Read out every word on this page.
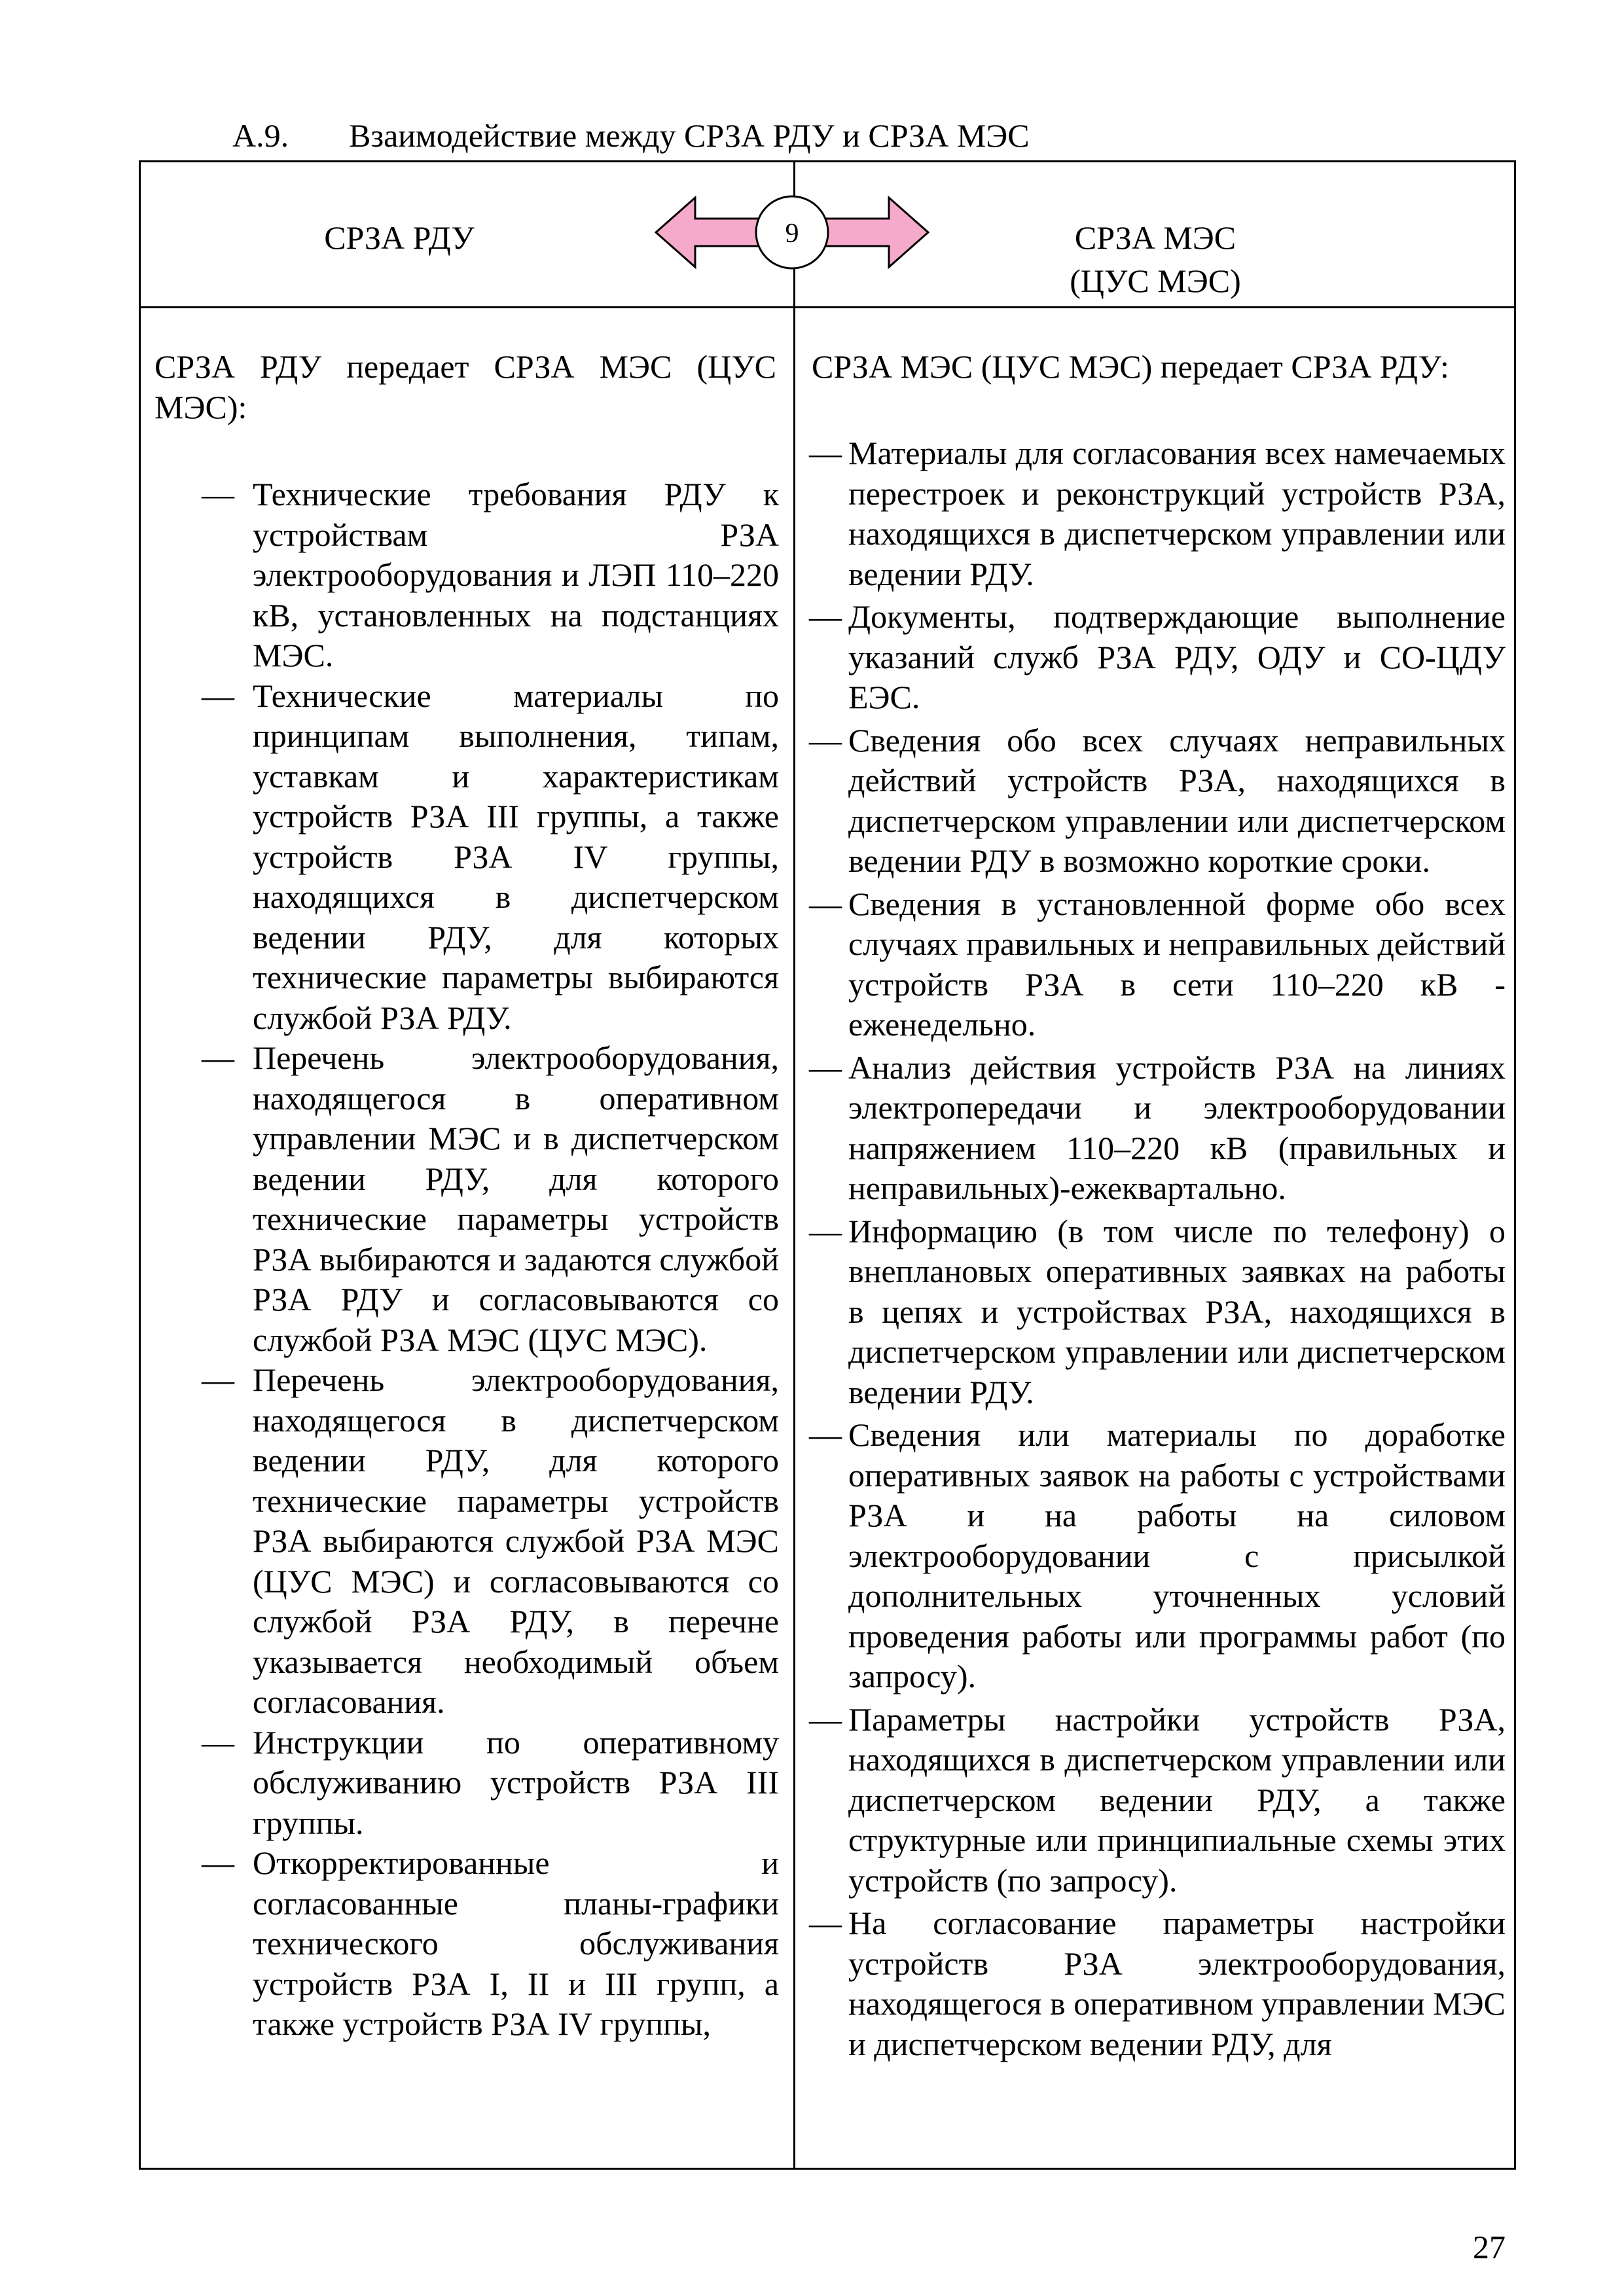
А.9. Взаимодействие между СРЗА РДУ и СРЗА МЭС
СРЗА РДУ	СРЗА МЭС
(ЦУС МЭС)
9
СРЗА РДУ передает СРЗА МЭС (ЦУС МЭС):
СРЗА МЭС (ЦУС МЭС) передает СРЗА РДУ:
— Технические требования РДУ к устройствам РЗА электрооборудования и ЛЭП 110–220 кВ, установленных на подстанциях МЭС.
— Технические материалы по принципам выполнения, типам, уставкам и характеристикам устройств РЗА III группы, а также устройств РЗА IV группы, находящихся в диспетчерском ведении РДУ, для которых технические параметры выбираются службой РЗА РДУ.
— Перечень электрооборудования, находящегося в оперативном управлении МЭС и в диспетчерском ведении РДУ, для которого технические параметры устройств РЗА выбираются и задаются службой РЗА РДУ и согласовываются со службой РЗА МЭС (ЦУС МЭС).
— Перечень электрооборудования, находящегося в диспетчерском ведении РДУ, для которого технические параметры устройств РЗА выбираются службой РЗА МЭС (ЦУС МЭС) и согласовываются со службой РЗА РДУ, в перечне указывается необходимый объем согласования.
— Инструкции по оперативному обслуживанию устройств РЗА III группы.
— Откорректированные и согласованные планы-графики технического обслуживания устройств РЗА I, II и III групп, а также устройств РЗА IV группы,
— Материалы для согласования всех намечаемых перестроек и реконструкций устройств РЗА, находящихся в диспетчерском управлении или ведении РДУ.
— Документы, подтверждающие выполнение указаний служб РЗА РДУ, ОДУ и СО-ЦДУ ЕЭС.
— Сведения обо всех случаях неправильных действий устройств РЗА, находящихся в диспетчерском управлении или диспетчерском ведении РДУ в возможно короткие сроки.
— Сведения в установленной форме обо всех случаях правильных и неправильных действий устройств РЗА в сети 110–220 кВ - еженедельно.
— Анализ действия устройств РЗА на линиях электропередачи и электрооборудовании напряжением 110–220 кВ (правильных и неправильных)-ежеквартально.
— Информацию (в том числе по телефону) о внеплановых оперативных заявках на работы в цепях и устройствах РЗА, находящихся в диспетчерском управлении или диспетчерском ведении РДУ.
— Сведения или материалы по доработке оперативных заявок на работы с устройствами РЗА и на работы на силовом электрооборудовании с присылкой дополнительных уточненных условий проведения работы или программы работ (по запросу).
— Параметры настройки устройств РЗА, находящихся в диспетчерском управлении или диспетчерском ведении РДУ, а также структурные или принципиальные схемы этих устройств (по запросу).
— На согласование параметры настройки устройств РЗА электрооборудования, находящегося в оперативном управлении МЭС и диспетчерском ведении РДУ, для
27
